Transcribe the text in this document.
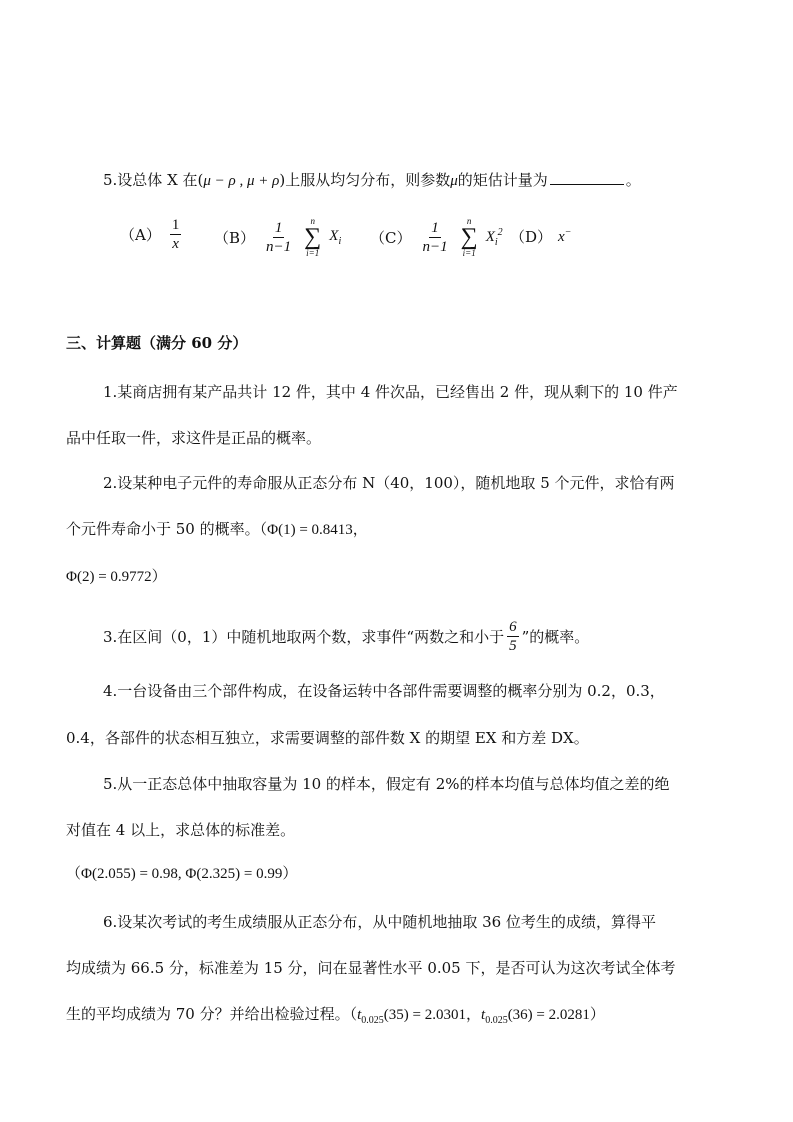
5.设总体 X 在(μ − ρ , μ + ρ)上服从均匀分布，则参数μ的矩估计量为	。
$(A) \frac{1}{x} (B) \frac{1}{n-1}$ n
∑
i=1
$X_i$ $(C) \frac{1}{n-1}$ n
∑
i=1
$X_i^2$ （D） x−
三、计算题（满分 60 分）
1.某商店拥有某产品共计 12 件，其中 4 件次品，已经售出 2 件，现从剩下的 10 件产
品中任取一件，求这件是正品的概率。
2.设某种电子元件的寿命服从正态分布 N（40，100），随机地取 5 个元件，求恰有两
个元件寿命小于 50 的概率。（Φ(1) = 0.8413，
Φ(2) = 0.9772）
3.在区间（0，1）中随机地取两个数，求事件“两数之和小于 $\frac{6}{5}$ ”的概率。
4.一台设备由三个部件构成，在设备运转中各部件需要调整的概率分别为 0.2，0.3，
0.4，各部件的状态相互独立，求需要调整的部件数 X 的期望 EX 和方差 DX。
5.从一正态总体中抽取容量为 10 的样本，假定有 2%的样本均值与总体均值之差的绝
对值在 4 以上，求总体的标准差。
（Φ(2.055) = 0.98, Φ(2.325) = 0.99）
6.设某次考试的考生成绩服从正态分布，从中随机地抽取 36 位考生的成绩，算得平
均成绩为 66.5 分，标准差为 15 分，问在显著性水平 0.05 下，是否可认为这次考试全体考
生的平均成绩为 70 分？并给出检验过程。（$t_{0.025}(35) = 2.0301$，$t_{0.025}(36) = 2.0281$）
